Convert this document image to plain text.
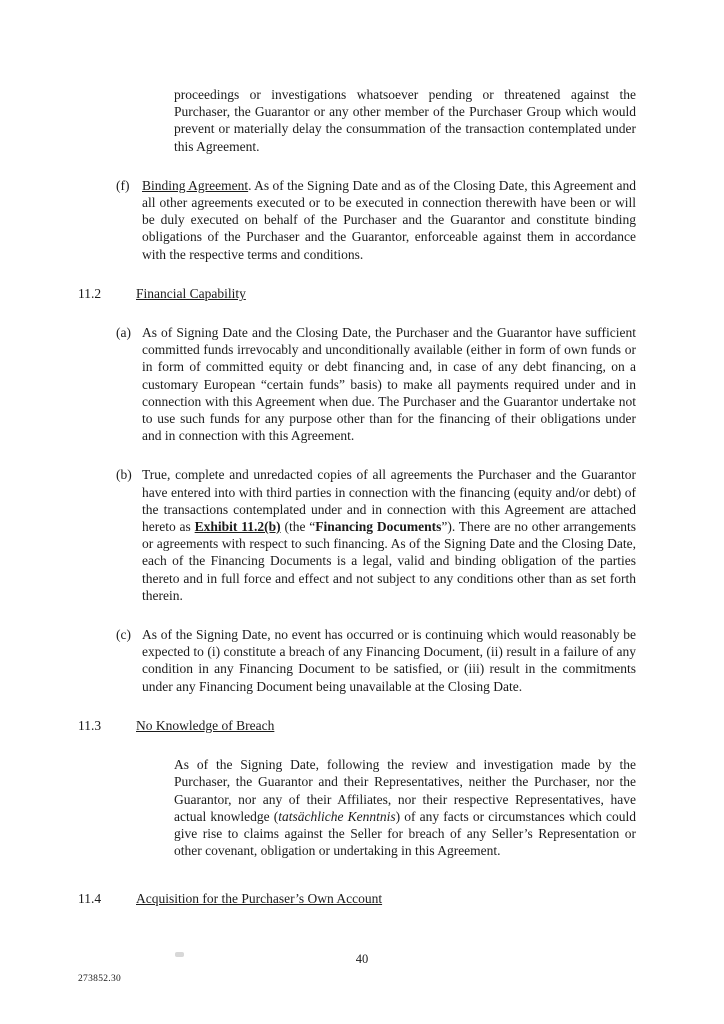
proceedings or investigations whatsoever pending or threatened against the Purchaser, the Guarantor or any other member of the Purchaser Group which would prevent or materially delay the consummation of the transaction contemplated under this Agreement.
(f) Binding Agreement. As of the Signing Date and as of the Closing Date, this Agreement and all other agreements executed or to be executed in connection therewith have been or will be duly executed on behalf of the Purchaser and the Guarantor and constitute binding obligations of the Purchaser and the Guarantor, enforceable against them in accordance with the respective terms and conditions.
11.2	Financial Capability
(a) As of Signing Date and the Closing Date, the Purchaser and the Guarantor have sufficient committed funds irrevocably and unconditionally available (either in form of own funds or in form of committed equity or debt financing and, in case of any debt financing, on a customary European “certain funds” basis) to make all payments required under and in connection with this Agreement when due. The Purchaser and the Guarantor undertake not to use such funds for any purpose other than for the financing of their obligations under and in connection with this Agreement.
(b) True, complete and unredacted copies of all agreements the Purchaser and the Guarantor have entered into with third parties in connection with the financing (equity and/or debt) of the transactions contemplated under and in connection with this Agreement are attached hereto as Exhibit 11.2(b) (the “Financing Documents”). There are no other arrangements or agreements with respect to such financing. As of the Signing Date and the Closing Date, each of the Financing Documents is a legal, valid and binding obligation of the parties thereto and in full force and effect and not subject to any conditions other than as set forth therein.
(c) As of the Signing Date, no event has occurred or is continuing which would reasonably be expected to (i) constitute a breach of any Financing Document, (ii) result in a failure of any condition in any Financing Document to be satisfied, or (iii) result in the commitments under any Financing Document being unavailable at the Closing Date.
11.3	No Knowledge of Breach
As of the Signing Date, following the review and investigation made by the Purchaser, the Guarantor and their Representatives, neither the Purchaser, nor the Guarantor, nor any of their Affiliates, nor their respective Representatives, have actual knowledge (tatsächliche Kenntnis) of any facts or circumstances which could give rise to claims against the Seller for breach of any Seller’s Representation or other covenant, obligation or undertaking in this Agreement.
11.4	Acquisition for the Purchaser’s Own Account
40
273852.30
